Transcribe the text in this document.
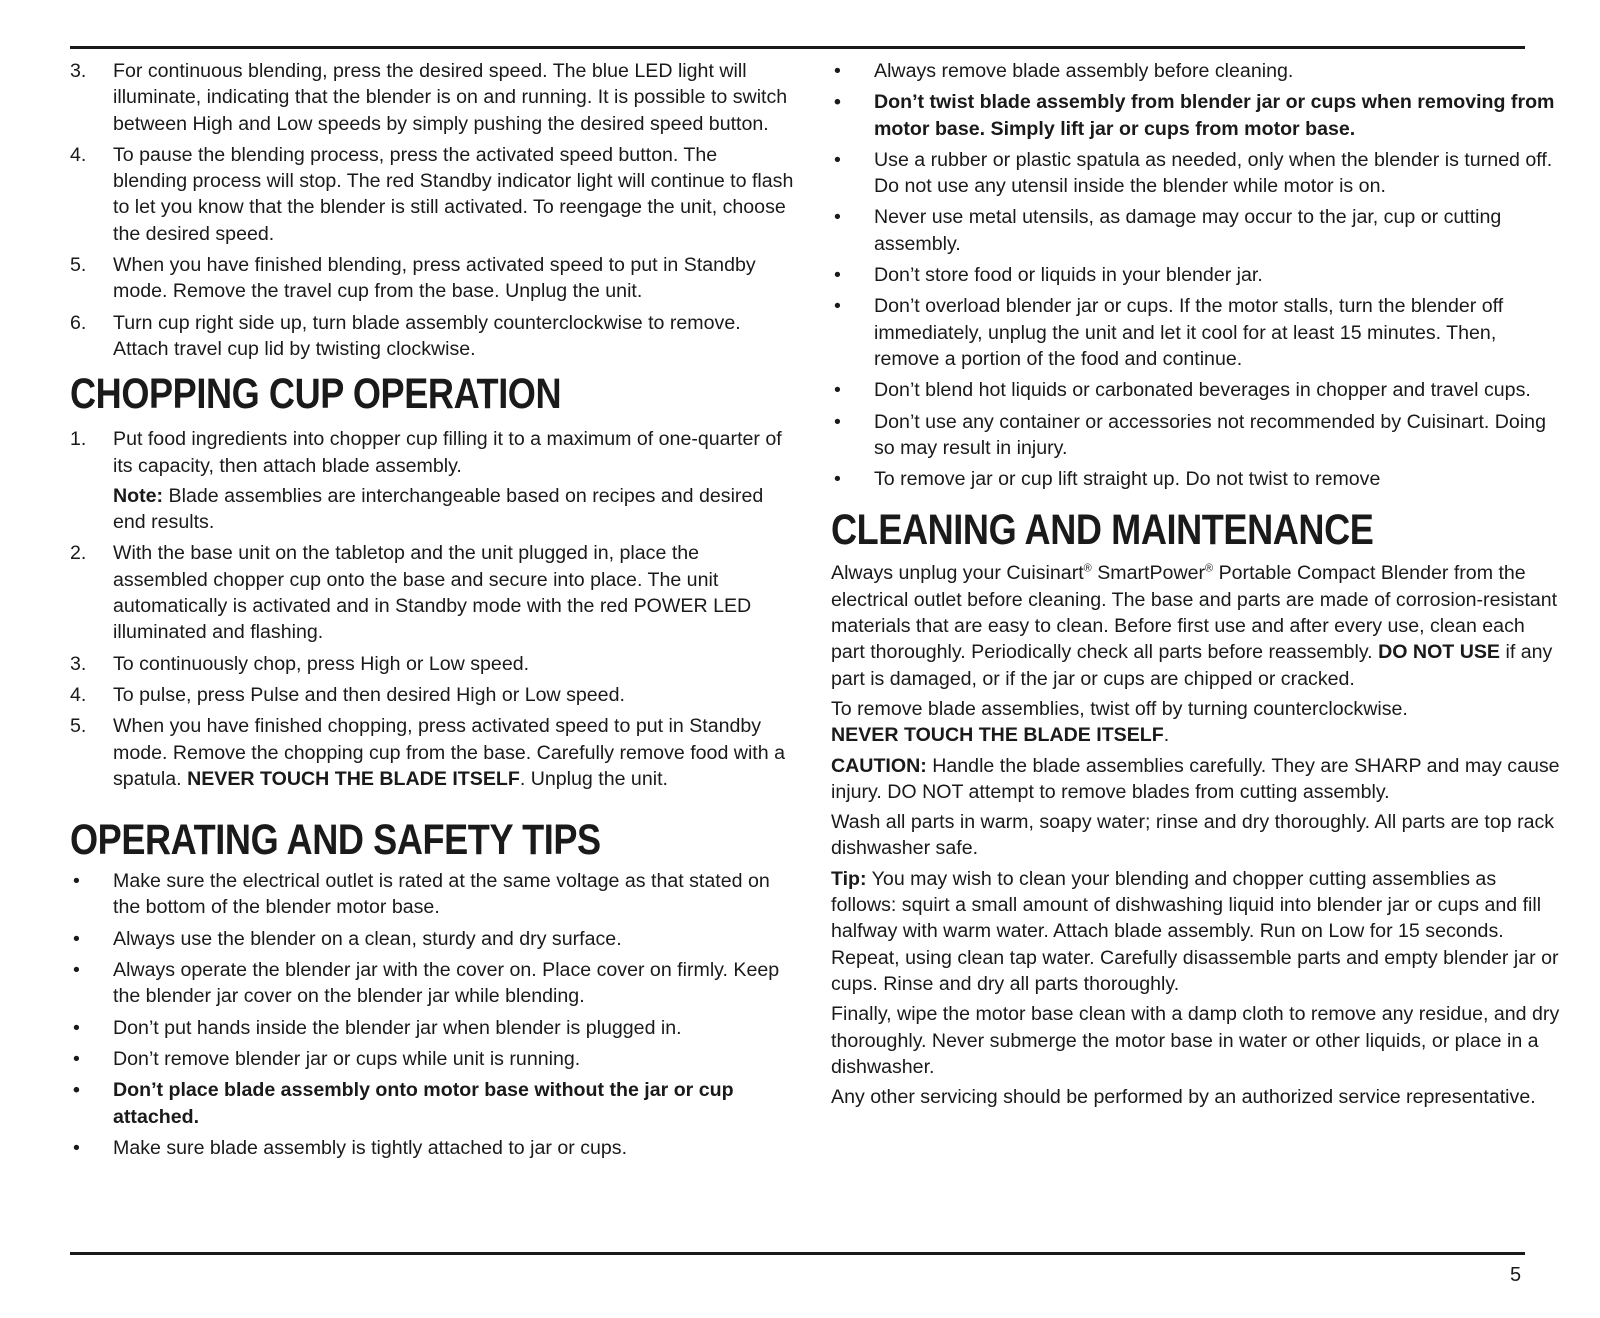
3. For continuous blending, press the desired speed. The blue LED light will illuminate, indicating that the blender is on and running. It is possible to switch between High and Low speeds by simply pushing the desired speed button.
4. To pause the blending process, press the activated speed button. The blending process will stop. The red Standby indicator light will continue to flash to let you know that the blender is still activated. To reengage the unit, choose the desired speed.
5. When you have finished blending, press activated speed to put in Standby mode. Remove the travel cup from the base. Unplug the unit.
6. Turn cup right side up, turn blade assembly counterclockwise to remove. Attach travel cup lid by twisting clockwise.
CHOPPING CUP OPERATION
1. Put food ingredients into chopper cup filling it to a maximum of one-quarter of its capacity, then attach blade assembly.

Note: Blade assemblies are interchangeable based on recipes and desired end results.

2. With the base unit on the tabletop and the unit plugged in, place the assembled chopper cup onto the base and secure into place. The unit automatically is activated and in Standby mode with the red POWER LED illuminated and flashing.
3. To continuously chop, press High or Low speed.
4. To pulse, press Pulse and then desired High or Low speed.
5. When you have finished chopping, press activated speed to put in Standby mode. Remove the chopping cup from the base. Carefully remove food with a spatula. NEVER TOUCH THE BLADE ITSELF. Unplug the unit.
OPERATING AND SAFETY TIPS
• Make sure the electrical outlet is rated at the same voltage as that stated on the bottom of the blender motor base.
• Always use the blender on a clean, sturdy and dry surface.
• Always operate the blender jar with the cover on. Place cover on firmly. Keep the blender jar cover on the blender jar while blending.
• Don’t put hands inside the blender jar when blender is plugged in.
• Don’t remove blender jar or cups while unit is running.
• Don’t place blade assembly onto motor base without the jar or cup attached.
• Make sure blade assembly is tightly attached to jar or cups.
• Always remove blade assembly before cleaning.
• Don’t twist blade assembly from blender jar or cups when removing from motor base. Simply lift jar or cups from motor base.
• Use a rubber or plastic spatula as needed, only when the blender is turned off. Do not use any utensil inside the blender while motor is on.
• Never use metal utensils, as damage may occur to the jar, cup or cutting assembly.
• Don’t store food or liquids in your blender jar.
• Don’t overload blender jar or cups. If the motor stalls, turn the blender off immediately, unplug the unit and let it cool for at least 15 minutes. Then, remove a portion of the food and continue.
• Don’t blend hot liquids or carbonated beverages in chopper and travel cups.
• Don’t use any container or accessories not recommended by Cuisinart. Doing so may result in injury.
• To remove jar or cup lift straight up. Do not twist to remove
CLEANING AND MAINTENANCE

Always unplug your Cuisinart® SmartPower® Portable Compact Blender from the electrical outlet before cleaning. The base and parts are made of corrosion-resistant materials that are easy to clean. Before first use and after every use, clean each part thoroughly. Periodically check all parts before reassembly. DO NOT USE if any part is damaged, or if the jar or cups are chipped or cracked.

To remove blade assemblies, twist off by turning counterclockwise.
NEVER TOUCH THE BLADE ITSELF.

CAUTION: Handle the blade assemblies carefully. They are SHARP and may cause injury. DO NOT attempt to remove blades from cutting assembly.

Wash all parts in warm, soapy water; rinse and dry thoroughly. All parts are top rack dishwasher safe.

Tip: You may wish to clean your blending and chopper cutting assemblies as follows: squirt a small amount of dishwashing liquid into blender jar or cups and fill halfway with warm water. Attach blade assembly. Run on Low for 15 seconds. Repeat, using clean tap water. Carefully disassemble parts and empty blender jar or cups. Rinse and dry all parts thoroughly.

Finally, wipe the motor base clean with a damp cloth to remove any residue, and dry thoroughly. Never submerge the motor base in water or other liquids, or place in a dishwasher.

Any other servicing should be performed by an authorized service representative.

5
